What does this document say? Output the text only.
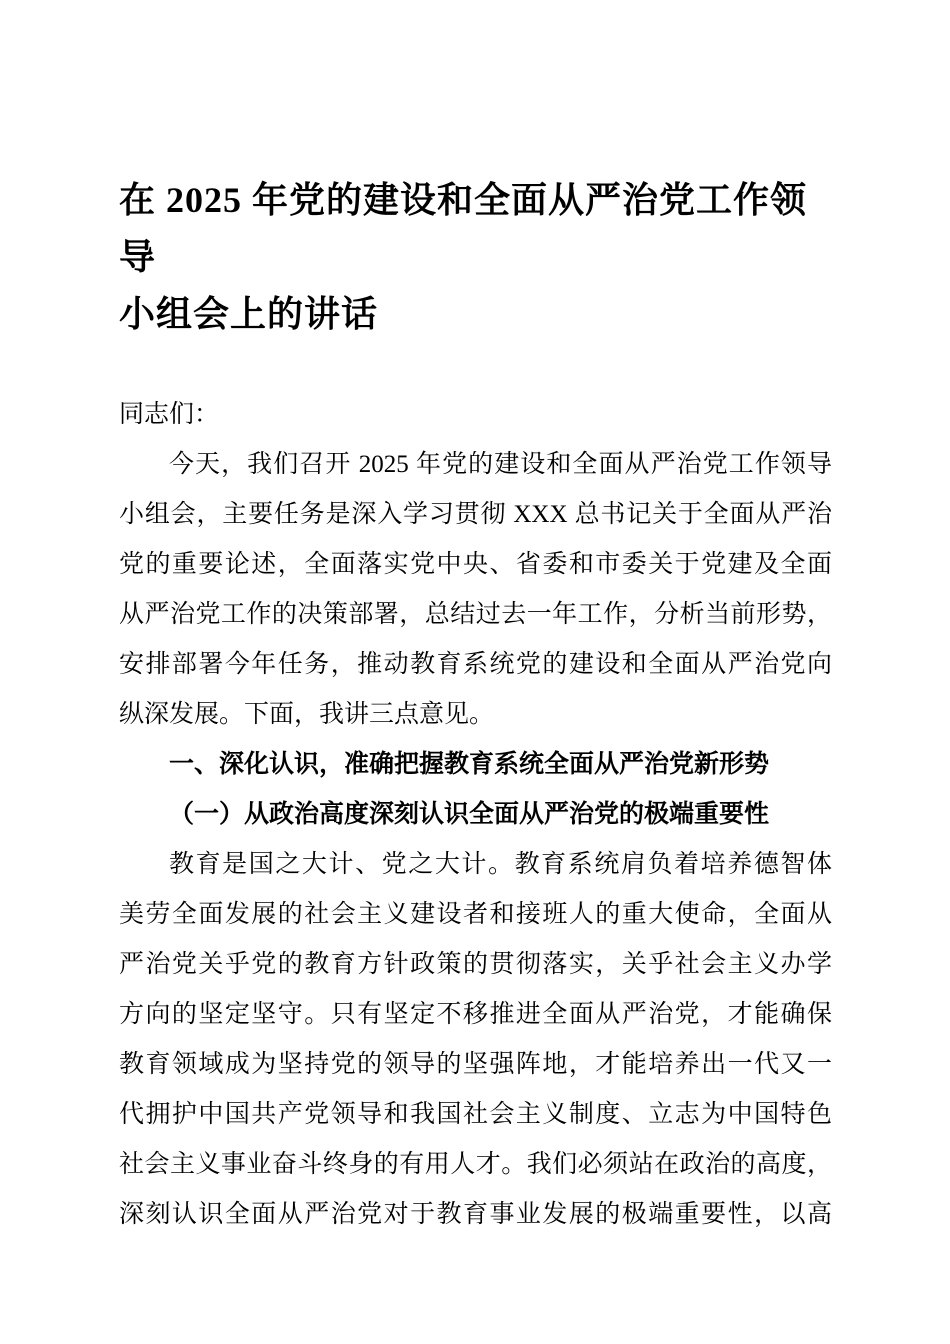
在 2025 年党的建设和全面从严治党工作领导
小组会上的讲话
同志们：
今天，我们召开 2025 年党的建设和全面从严治党工作领导
小组会，主要任务是深入学习贯彻 XXX 总书记关于全面从严治
党的重要论述，全面落实党中央、省委和市委关于党建及全面
从严治党工作的决策部署，总结过去一年工作，分析当前形势，
安排部署今年任务，推动教育系统党的建设和全面从严治党向
纵深发展。下面，我讲三点意见。
一、深化认识，准确把握教育系统全面从严治党新形势
（一）从政治高度深刻认识全面从严治党的极端重要性
教育是国之大计、党之大计。教育系统肩负着培养德智体
美劳全面发展的社会主义建设者和接班人的重大使命，全面从
严治党关乎党的教育方针政策的贯彻落实，关乎社会主义办学
方向的坚定坚守。只有坚定不移推进全面从严治党，才能确保
教育领域成为坚持党的领导的坚强阵地，才能培养出一代又一
代拥护中国共产党领导和我国社会主义制度、立志为中国特色
社会主义事业奋斗终身的有用人才。我们必须站在政治的高度，
深刻认识全面从严治党对于教育事业发展的极端重要性，以高
